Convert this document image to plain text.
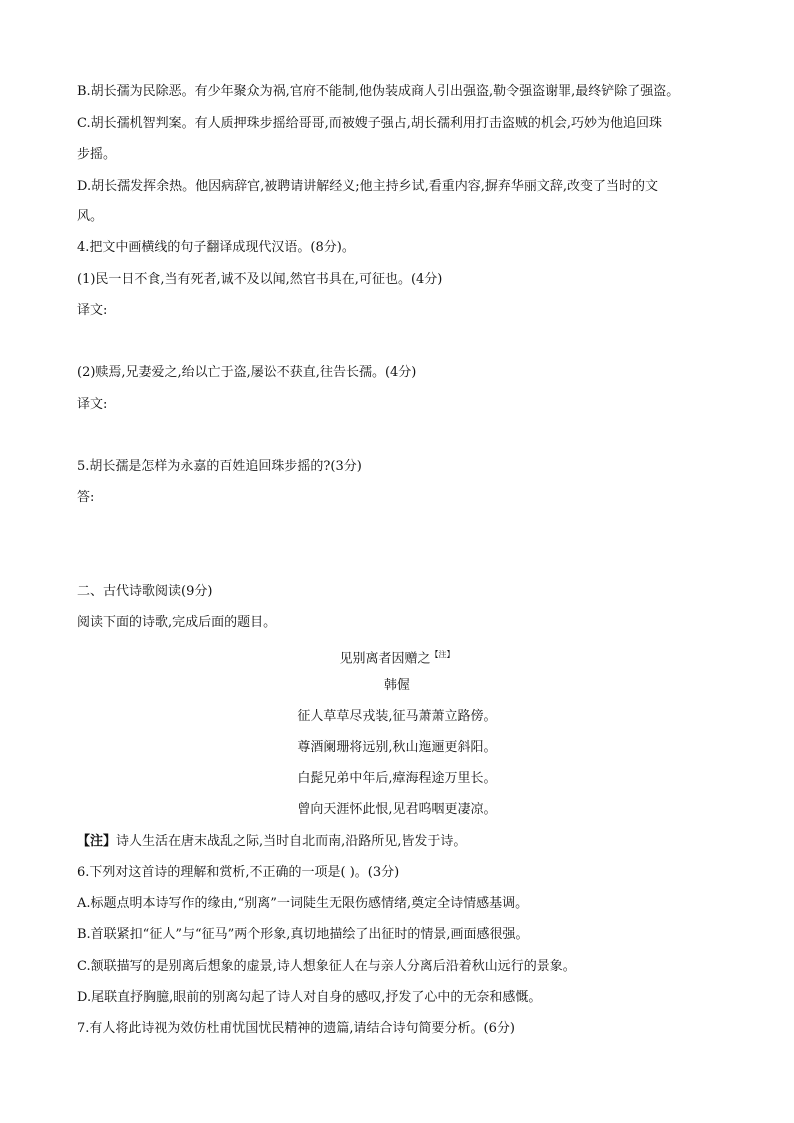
B.胡长孺为民除恶。有少年聚众为祸,官府不能制,他伪装成商人引出强盗,勒令强盗谢罪,最终铲除了强盗。
C.胡长孺机智判案。有人质押珠步摇给哥哥,而被嫂子强占,胡长孺利用打击盗贼的机会,巧妙为他追回珠
步摇。
D.胡长孺发挥余热。他因病辞官,被聘请讲解经义;他主持乡试,看重内容,摒弃华丽文辞,改变了当时的文
风。
4.把文中画横线的句子翻译成现代汉语。(8分)。
(1)民一日不食,当有死者,诚不及以闻,然官书具在,可征也。(4分)
译文:
(2)赎焉,兄妻爱之,绐以亡于盗,屡讼不获直,往告长孺。(4分)
译文:
5.胡长孺是怎样为永嘉的百姓追回珠步摇的?(3分)
答:
二、古代诗歌阅读(9分)
阅读下面的诗歌,完成后面的题目。
见别离者因赠之$^{【注】}$
韩偓
征人草草尽戎装,征马萧萧立路傍。
尊酒阑珊将远别,秋山迤逦更斜阳。
白髭兄弟中年后,瘴海程途万里长。
曾向天涯怀此恨,见君呜咽更凄凉。
【注】诗人生活在唐末战乱之际,当时自北而南,沿路所见,皆发于诗。
6.下列对这首诗的理解和赏析,不正确的一项是( )。(3分)
A.标题点明本诗写作的缘由,“别离”一词陡生无限伤感情绪,奠定全诗情感基调。
B.首联紧扣“征人”与“征马”两个形象,真切地描绘了出征时的情景,画面感很强。
C.颔联描写的是别离后想象的虚景,诗人想象征人在与亲人分离后沿着秋山远行的景象。
D.尾联直抒胸臆,眼前的别离勾起了诗人对自身的感叹,抒发了心中的无奈和感慨。
7.有人将此诗视为效仿杜甫忧国忧民精神的遗篇,请结合诗句简要分析。(6分)
